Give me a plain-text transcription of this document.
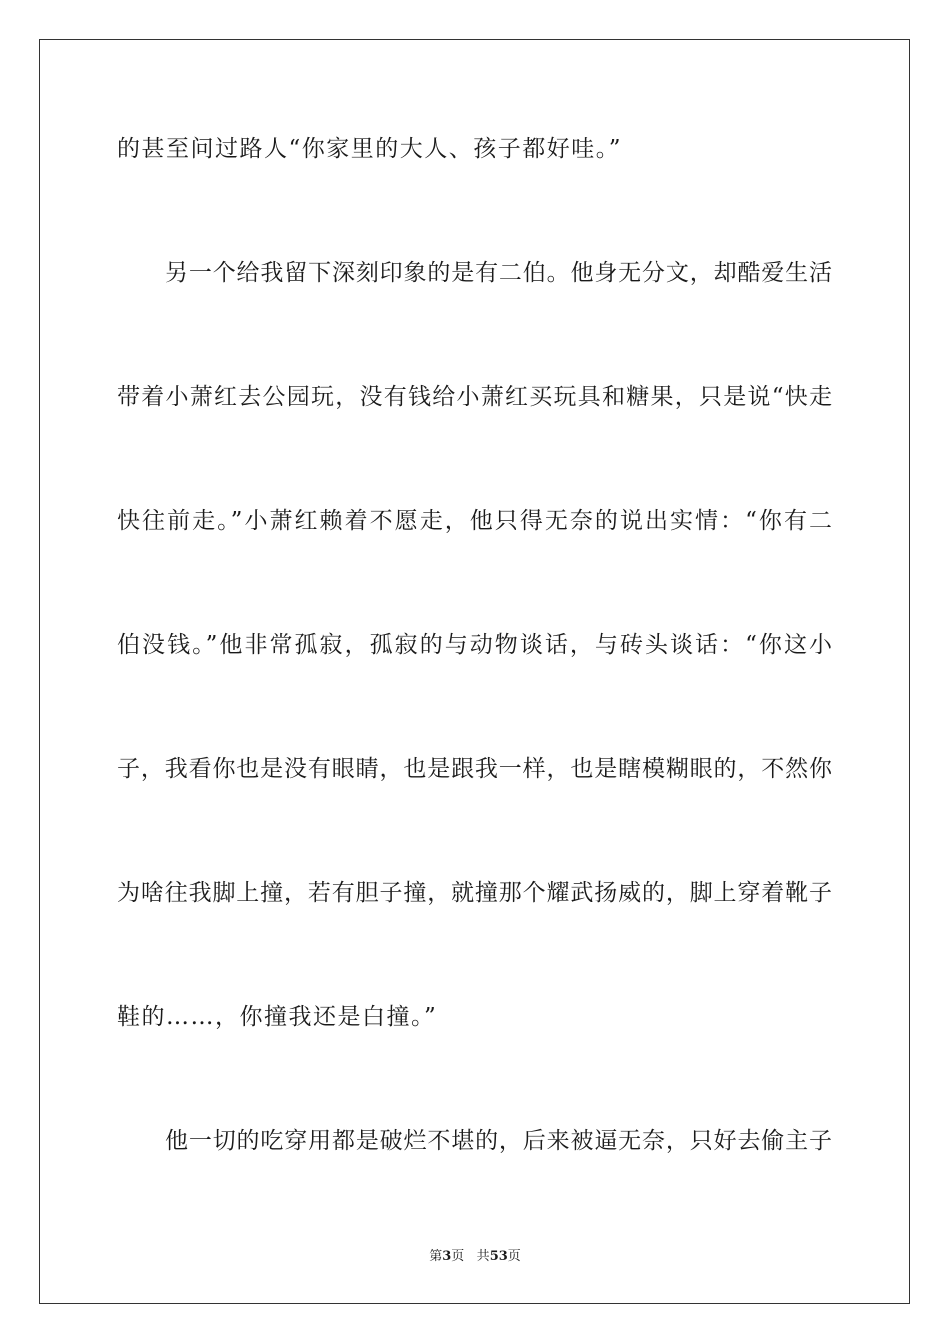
的甚至问过路人“你家里的大人、孩子都好哇。”
另一个给我留下深刻印象的是有二伯。他身无分文，却酷爱生活
带着小萧红去公园玩，没有钱给小萧红买玩具和糖果，只是说“快走
快往前走。”小萧红赖着不愿走，他只得无奈的说出实情：“你有二
伯没钱。”他非常孤寂，孤寂的与动物谈话，与砖头谈话：“你这小
子，我看你也是没有眼睛，也是跟我一样，也是瞎模糊眼的，不然你
为啥往我脚上撞，若有胆子撞，就撞那个耀武扬威的，脚上穿着靴子
鞋的……，你撞我还是白撞。”
他一切的吃穿用都是破烂不堪的，后来被逼无奈，只好去偷主子
第3页 共53页
